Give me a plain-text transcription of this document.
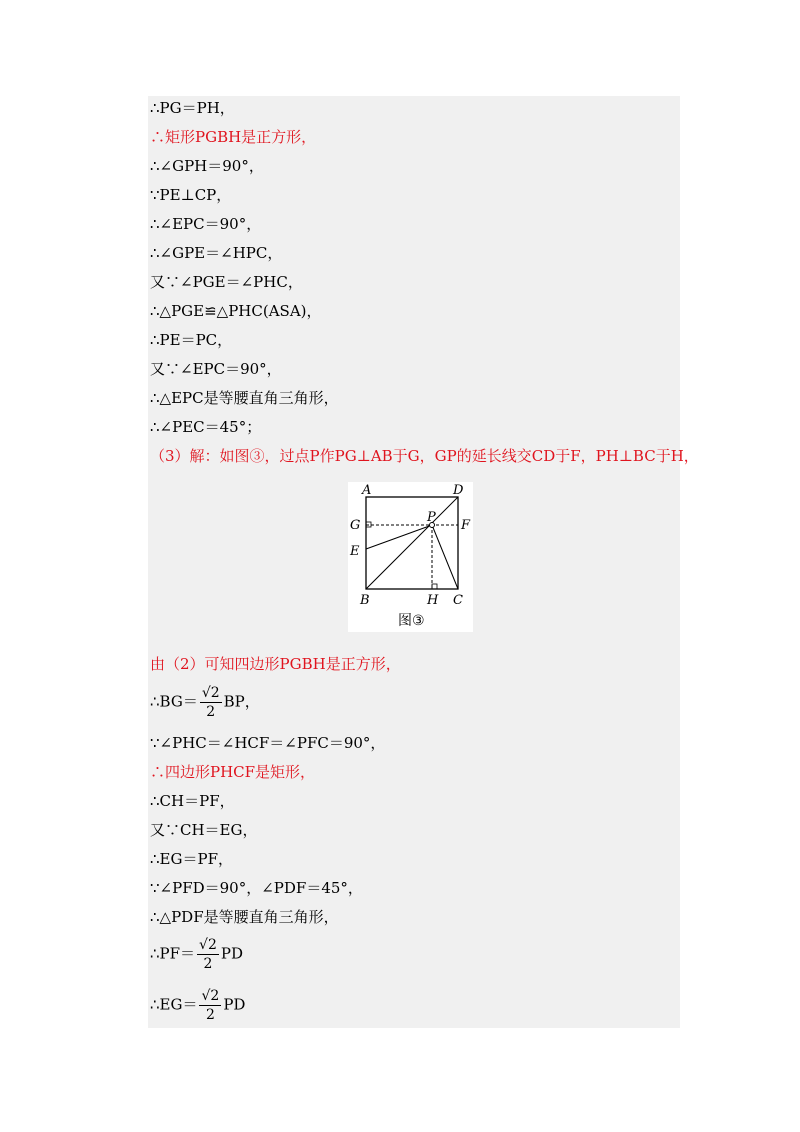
∴PG＝PH，
∴矩形PGBH是正方形，
∴∠GPH＝90°，
∵PE⊥CP，
∴∠EPC＝90°，
∴∠GPE＝∠HPC，
又∵∠PGE＝∠PHC，
∴△PGE≌△PHC(ASA)，
∴PE＝PC，
又∵∠EPC＝90°，
∴△EPC是等腰直角三角形，
∴∠PEC＝45°；
（3）解：如图③，过点P作PG⊥AB于G，GP的延长线交CD于F，PH⊥BC于H，
A	D
G
P
F
E
B	H C
图③
由（2）可知四边形PGBH是正方形，
∴BG＝ $\frac{√2}{2}$ BP，
∵∠PHC＝∠HCF＝∠PFC＝90°，
∴四边形PHCF是矩形，
∴CH＝PF，
又∵CH＝EG，
∴EG＝PF，
∵∠PFD＝90°，∠PDF＝45°，
∴△PDF是等腰直角三角形，
∴PF＝ $\frac{√2}{2}$ PD
∴EG＝ $\frac{√2}{2}$ PD
